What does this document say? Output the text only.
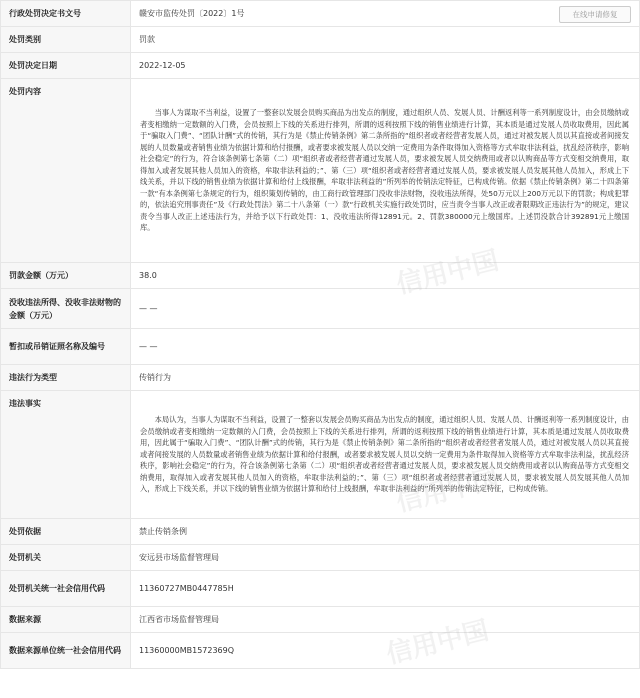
行政处罚决定书文号	赣安市监传处罚〔2022〕1号 在线申请修复

处罚类别	罚款
处罚决定日期	2022-12-05
处罚内容	当事人为谋取不当利益，设置了一整套以发展会员购买商品为出发点的制度，通过组织人员、发展人员、计酬返利等一系列制度设计，由会员缴纳或者变相缴纳一定数额的入门费，会员按照上下线的关系进行排列，所谓的返利按照下线的销售业绩进行计算，其本质是通过发展人员收取费用，因此属于“骗取入门费”、“团队计酬”式的传销，其行为是《禁止传销条例》第二条所指的“组织者或者经营者发展人员，通过对被发展人员以其直接或者间接发展的人员数量或者销售业绩为依据计算和给付报酬，或者要求被发展人员以交纳一定费用为条件取得加入资格等方式牟取非法利益，扰乱经济秩序，影响社会稳定”的行为，符合该条例第七条第（二）项“组织者或者经营者通过发展人员，要求被发展人员交纳费用或者以认购商品等方式变相交纳费用，取得加入或者发展其他人员加入的资格，牟取非法利益的；”、第（三）项“组织者或者经营者通过发展人员，要求被发展人员发展其他人员加入，形成上下线关系，并以下线的销售业绩为依据计算和给付上线报酬，牟取非法利益的”所列举的传销法定特征，已构成传销。依据《禁止传销条例》第二十四条第一款“有本条例第七条规定的行为，组织策划传销的，由工商行政管理部门没收非法财物，没收违法所得，处50万元以上200万元以下的罚款；构成犯罪的，依法追究刑事责任”及《行政处罚法》第二十八条第（一）款“行政机关实施行政处罚时，应当责令当事人改正或者限期改正违法行为”的规定，建议责令当事人改正上述违法行为，并给予以下行政处罚：1、没收违法所得12891元。2、罚款380000元上缴国库。上述罚没款合计392891元上缴国库。

罚款金额（万元）	38.0
没收违法所得、没收非法财物的金额（万元）	— —
暂扣或吊销证照名称及编号	— —
违法行为类型	传销行为
违法事实	本局认为，当事人为谋取不当利益，设置了一整套以发展会员购买商品为出发点的制度，通过组织人员、发展人员、计酬返利等一系列制度设计，由会员缴纳或者变相缴纳一定数额的入门费，会员按照上下线的关系进行排列，所谓的返利按照下线的销售业绩进行计算，其本质是通过发展人员收取费用，因此属于“骗取入门费”、“团队计酬”式的传销，其行为是《禁止传销条例》第二条所指的“组织者或者经营者发展人员，通过对被发展人员以其直接或者间接发展的人员数量或者销售业绩为依据计算和给付报酬，或者要求被发展人员以交纳一定费用为条件取得加入资格等方式牟取非法利益，扰乱经济秩序，影响社会稳定”的行为，符合该条例第七条第（二）项“组织者或者经营者通过发展人员，要求被发展人员交纳费用或者以认购商品等方式变相交纳费用，取得加入或者发展其他人员加入的资格，牟取非法利益的；”、第（三）项“组织者或者经营者通过发展人员，要求被发展人员发展其他人员加入，形成上下线关系，并以下线的销售业绩为依据计算和给付上线报酬，牟取非法利益的”所列举的传销法定特征，已构成传销。

处罚依据	禁止传销条例
处罚机关	安远县市场监督管理局
处罚机关统一社会信用代码	11360727MB0447785H
数据来源	江西省市场监督管理局
数据来源单位统一社会信用代码	11360000MB1572369Q
信用中国
信用中国
信用中国
